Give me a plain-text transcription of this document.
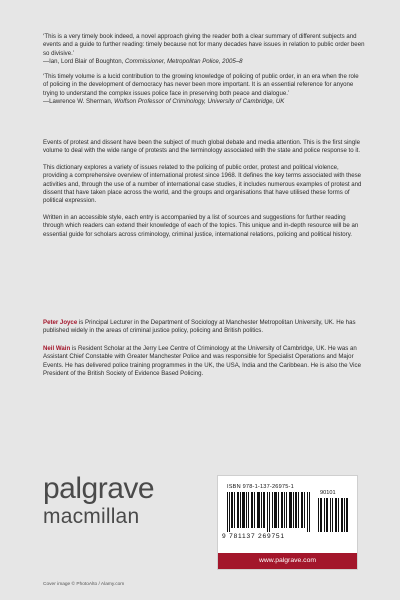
‘This is a very timely book indeed, a novel approach giving the reader both a clear summary of different subjects and events and a guide to further reading: timely because not for many decades have issues in relation to public order been so divisive.’
—Ian, Lord Blair of Boughton, Commissioner, Metropolitan Police, 2005–8

‘This timely volume is a lucid contribution to the growing knowledge of policing of public order, in an era when the role of policing in the development of democracy has never been more important. It is an essential reference for anyone trying to understand the complex issues police face in preserving both peace and dialogue.’
—Lawrence W. Sherman, Wolfson Professor of Criminology, University of Cambridge, UK

Events of protest and dissent have been the subject of much global debate and media attention. This is the first single volume to deal with the wide range of protests and the terminology associated with the state and police response to it.

This dictionary explores a variety of issues related to the policing of public order, protest and political violence, providing a comprehensive overview of international protest since 1968. It defines the key terms associated with these activities and, through the use of a number of international case studies, it includes numerous examples of protest and dissent that have taken place across the world, and the groups and organisations that have utilised these forms of political expression.

Written in an accessible style, each entry is accompanied by a list of sources and suggestions for further reading through which readers can extend their knowledge of each of the topics. This unique and in-depth resource will be an essential guide for scholars across criminology, criminal justice, international relations, policing and political history.

Peter Joyce is Principal Lecturer in the Department of Sociology at Manchester Metropolitan University, UK. He has published widely in the areas of criminal justice policy, policing and British politics.

Neil Wain is Resident Scholar at the Jerry Lee Centre of Criminology at the University of Cambridge, UK. He was an Assistant Chief Constable with Greater Manchester Police and was responsible for Specialist Operations and Major Events. He has delivered police training programmes in the UK, the USA, India and the Caribbean. He is also the Vice President of the British Society of Evidence Based Policing.

palgrave
macmillan
ISBN 978-1-137-26975-1
90101
9 781137 269751
www.palgrave.com
Cover image © PhotoAlto / Alamy.com
